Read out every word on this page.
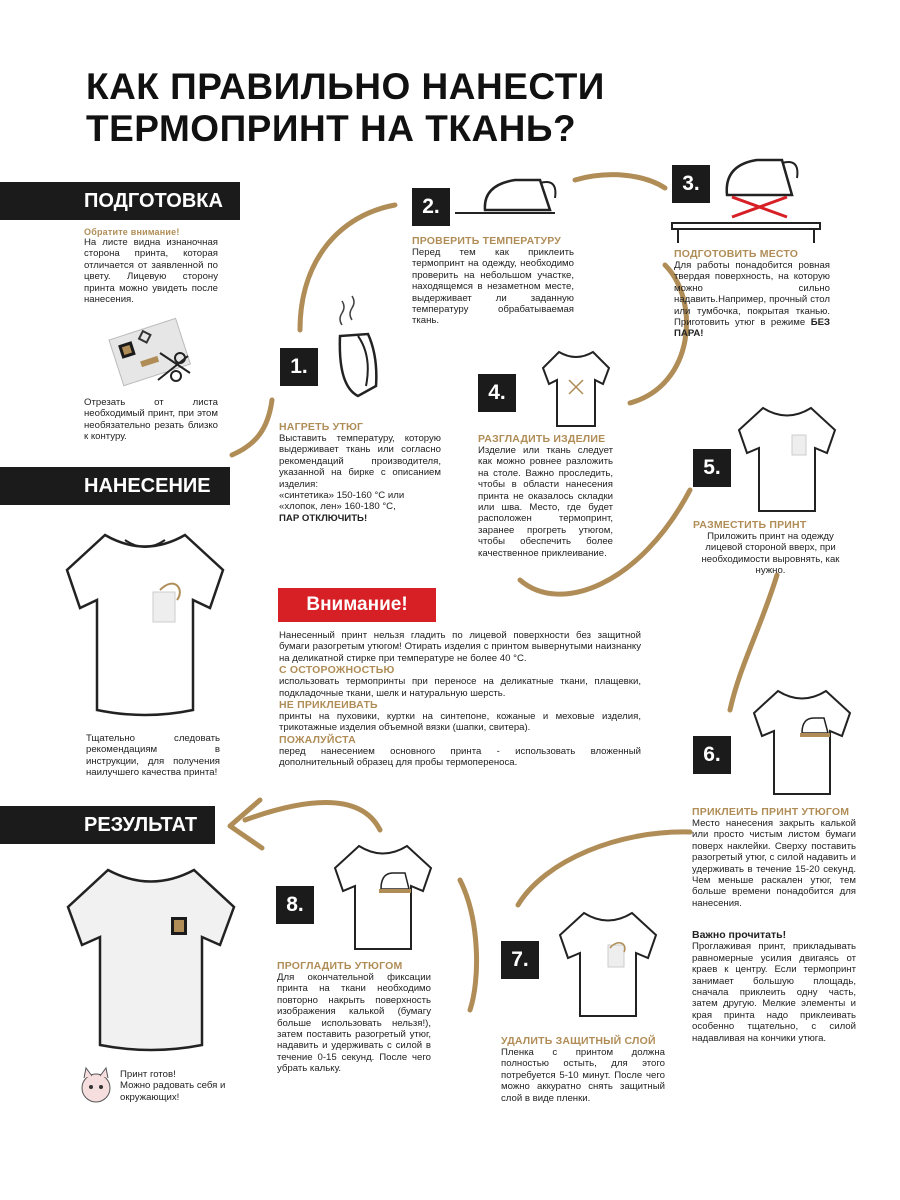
КАК ПРАВИЛЬНО НАНЕСТИ
ТЕРМОПРИНТ НА ТКАНЬ?
ПОДГОТОВКА
НАНЕСЕНИЕ
РЕЗУЛЬТАТ
Обратите внимание!
На листе видна изнаночная сторона принта, которая отличается от заявленной по цвету. Лицевую сторону принта можно увидеть после нанесения.
Отрезать от листа необходимый принт, при этом необязательно резать близко к контуру.
Тщательно следовать рекомендациям в инструкции, для получения наилучшего качества принта!
Принт готов!
Можно радовать себя и
окружающих!
1.
НАГРЕТЬ УТЮГ
Выставить температуру, которую выдерживает ткань или согласно рекомендаций производителя, указанной на бирке с описанием изделия:
«синтетика» 150-160 °С или
«хлопок, лен» 160-180 °С,
ПАР ОТКЛЮЧИТЬ!
2.
ПРОВЕРИТЬ ТЕМПЕРАТУРУ
Перед тем как приклеить термопринт на одежду, необходимо проверить на небольшом участке, находящемся в незаметном месте, выдерживает ли заданную температуру обрабатываемая ткань.
3.
ПОДГОТОВИТЬ МЕСТО
Для работы понадобится ровная твердая поверхность, на которую можно сильно надавить.Например, прочный стол или тумбочка, покрытая тканью. Приготовить утюг в режиме БЕЗ ПАРА!
4.
РАЗГЛАДИТЬ ИЗДЕЛИЕ
Изделие или ткань следует как можно ровнее разложить на столе. Важно проследить, чтобы в области нанесения принта не оказалось складки или шва. Место, где будет расположен термопринт, заранее прогреть утюгом, чтобы обеспечить более качественное приклеивание.
5.
РАЗМЕСТИТЬ ПРИНТ
Приложить принт на одежду лицевой стороной вверх, при необходимости выровнять, как нужно.
6.
ПРИКЛЕИТЬ ПРИНТ УТЮГОМ
Место нанесения закрыть калькой или просто чистым листом бумаги поверх наклейки. Сверху поставить разогретый утюг, с силой надавить и удерживать в течение 15-20 секунд. Чем меньше раскален утюг, тем больше времени понадобится для нанесения.
Важно прочитать!
Проглаживая принт, прикладывать равномерные усилия двигаясь от краев к центру. Если термопринт занимает большую площадь, сначала приклеить одну часть, затем другую. Мелкие элементы и края принта надо приклеивать особенно тщательно, с силой надавливая на кончики утюга.
7.
УДАЛИТЬ ЗАЩИТНЫЙ СЛОЙ
Пленка с принтом должна полностью остыть, для этого потребуется 5-10 минут. После чего можно аккуратно снять защитный слой в виде пленки.
8.
ПРОГЛАДИТЬ УТЮГОМ
Для окончательной фиксации принта на ткани необходимо повторно накрыть поверхность изображения калькой (бумагу больше использовать нельзя!), затем поставить разогретый утюг, надавить и удерживать с силой в течение 0-15 секунд. После чего убрать кальку.
Внимание!
Нанесенный принт нельзя гладить по лицевой поверхности без защитной бумаги разогретым утюгом! Отирать изделия с принтом вывернутыми наизнанку на деликатной стирке при температуре не более 40 °С.
С ОСТОРОЖНОСТЬЮ
использовать термопринты при переносе на деликатные ткани, плащевки, подкладочные ткани, шелк и натуральную шерсть.
НЕ ПРИКЛЕИВАТЬ
принты на пуховики, куртки на синтепоне, кожаные и меховые изделия, трикотажные изделия объемной вязки (шапки, свитера).
ПОЖАЛУЙСТА
перед нанесением основного принта - использовать вложенный дополнительный образец для пробы термопереноса.
